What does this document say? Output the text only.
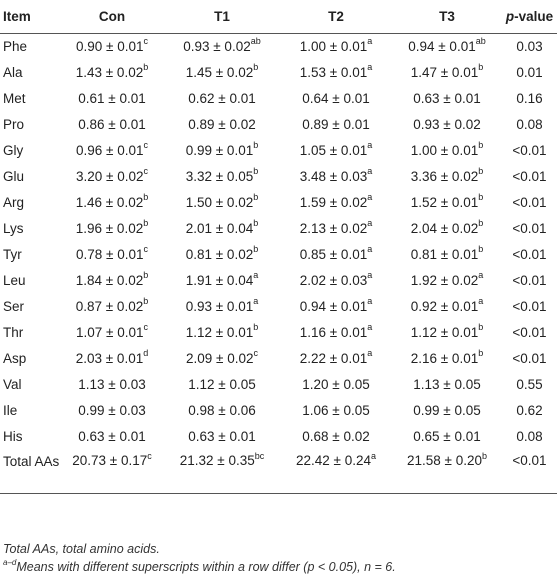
Item	Con	T1	T2	T3	p-value
Phe	0.90 ± 0.01$^c$	0.93 ± 0.02$^{ab}$	1.00 ± 0.01$^a$	0.94 ± 0.01$^{ab}$	0.03
Ala	1.43 ± 0.02$^b$	1.45 ± 0.02$^b$	1.53 ± 0.01$^a$	1.47 ± 0.01$^b$	0.01
Met	0.61 ± 0.01	0.62 ± 0.01	0.64 ± 0.01	0.63 ± 0.01	0.16
Pro	0.86 ± 0.01	0.89 ± 0.02	0.89 ± 0.01	0.93 ± 0.02	0.08
Gly	0.96 ± 0.01$^c$	0.99 ± 0.01$^b$	1.05 ± 0.01$^a$	1.00 ± 0.01$^b$	<0.01
Glu	3.20 ± 0.02$^c$	3.32 ± 0.05$^b$	3.48 ± 0.03$^a$	3.36 ± 0.02$^b$	<0.01
Arg	1.46 ± 0.02$^b$	1.50 ± 0.02$^b$	1.59 ± 0.02$^a$	1.52 ± 0.01$^b$	<0.01
Lys	1.96 ± 0.02$^b$	2.01 ± 0.04$^b$	2.13 ± 0.02$^a$	2.04 ± 0.02$^b$	<0.01
Tyr	0.78 ± 0.01$^c$	0.81 ± 0.02$^b$	0.85 ± 0.01$^a$	0.81 ± 0.01$^b$	<0.01
Leu	1.84 ± 0.02$^b$	1.91 ± 0.04$^a$	2.02 ± 0.03$^a$	1.92 ± 0.02$^a$	<0.01
Ser	0.87 ± 0.02$^b$	0.93 ± 0.01$^a$	0.94 ± 0.01$^a$	0.92 ± 0.01$^a$	<0.01
Thr	1.07 ± 0.01$^c$	1.12 ± 0.01$^b$	1.16 ± 0.01$^a$	1.12 ± 0.01$^b$	<0.01
Asp	2.03 ± 0.01$^d$	2.09 ± 0.02$^c$	2.22 ± 0.01$^a$	2.16 ± 0.01$^b$	<0.01
Val	1.13 ± 0.03	1.12 ± 0.05	1.20 ± 0.05	1.13 ± 0.05	0.55
Ile	0.99 ± 0.03	0.98 ± 0.06	1.06 ± 0.05	0.99 ± 0.05	0.62
His	0.63 ± 0.01	0.63 ± 0.01	0.68 ± 0.02	0.65 ± 0.01	0.08
Total AAs	20.73 ± 0.17$^c$	21.32 ± 0.35$^{bc}$	22.42 ± 0.24$^a$	21.58 ± 0.20$^b$	<0.01
Total AAs, total amino acids.
$^{a-d}$Means with different superscripts within a row differ (p < 0.05), n = 6.
